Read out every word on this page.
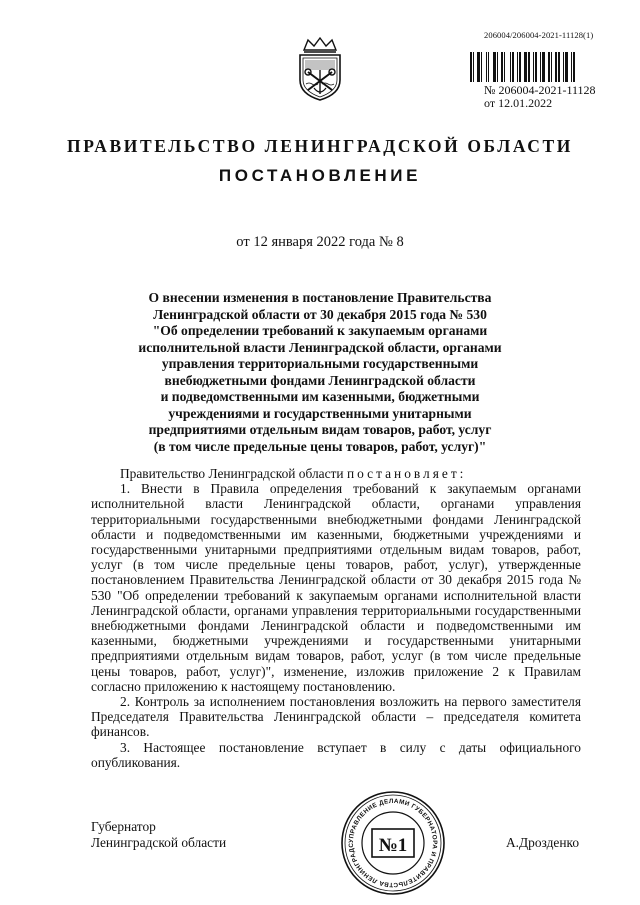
206004/206004-2021-11128(1)
№ 206004-2021-11128
от 12.01.2022
ПРАВИТЕЛЬСТВО ЛЕНИНГРАДСКОЙ ОБЛАСТИ
ПОСТАНОВЛЕНИЕ
от 12 января 2022 года № 8
О внесении изменения в постановление Правительства
Ленинградской области от 30 декабря 2015 года № 530
"Об определении требований к закупаемым органами
исполнительной власти Ленинградской области, органами
управления территориальными государственными
внебюджетными фондами Ленинградской области
и подведомственными им казенными, бюджетными
учреждениями и государственными унитарными
предприятиями отдельным видам товаров, работ, услуг
(в том числе предельные цены товаров, работ, услуг)"

Правительство Ленинградской области постановляет:

1. Внести в Правила определения требований к закупаемым органами исполнительной власти Ленинградской области, органами управления территориальными государственными внебюджетными фондами Ленинградской области и подведомственными им казенными, бюджетными учреждениями и государственными унитарными предприятиями отдельным видам товаров, работ, услуг (в том числе предельные цены товаров, работ, услуг), утвержденные постановлением Правительства Ленинградской области от 30 декабря 2015 года № 530 "Об определении требований к закупаемым органами исполнительной власти Ленинградской области, органами управления территориальными государственными внебюджетными фондами Ленинградской области и подведомственными им казенными, бюджетными учреждениями и государственными унитарными предприятиями отдельным видам товаров, работ, услуг (в том числе предельные цены товаров, работ, услуг)", изменение, изложив приложение 2 к Правилам согласно приложению к настоящему постановлению.

2. Контроль за исполнением постановления возложить на первого заместителя Председателя Правительства Ленинградской области – председателя комитета финансов.

3. Настоящее постановление вступает в силу с даты официального опубликования.

Губернатор
Ленинградской области	А.Дрозденко
УПРАВЛЕНИЕ ДЕЛАМИ ГУБЕРНАТОРА И ПРАВИТЕЛЬСТВА ЛЕНИНГРАДС	№1
